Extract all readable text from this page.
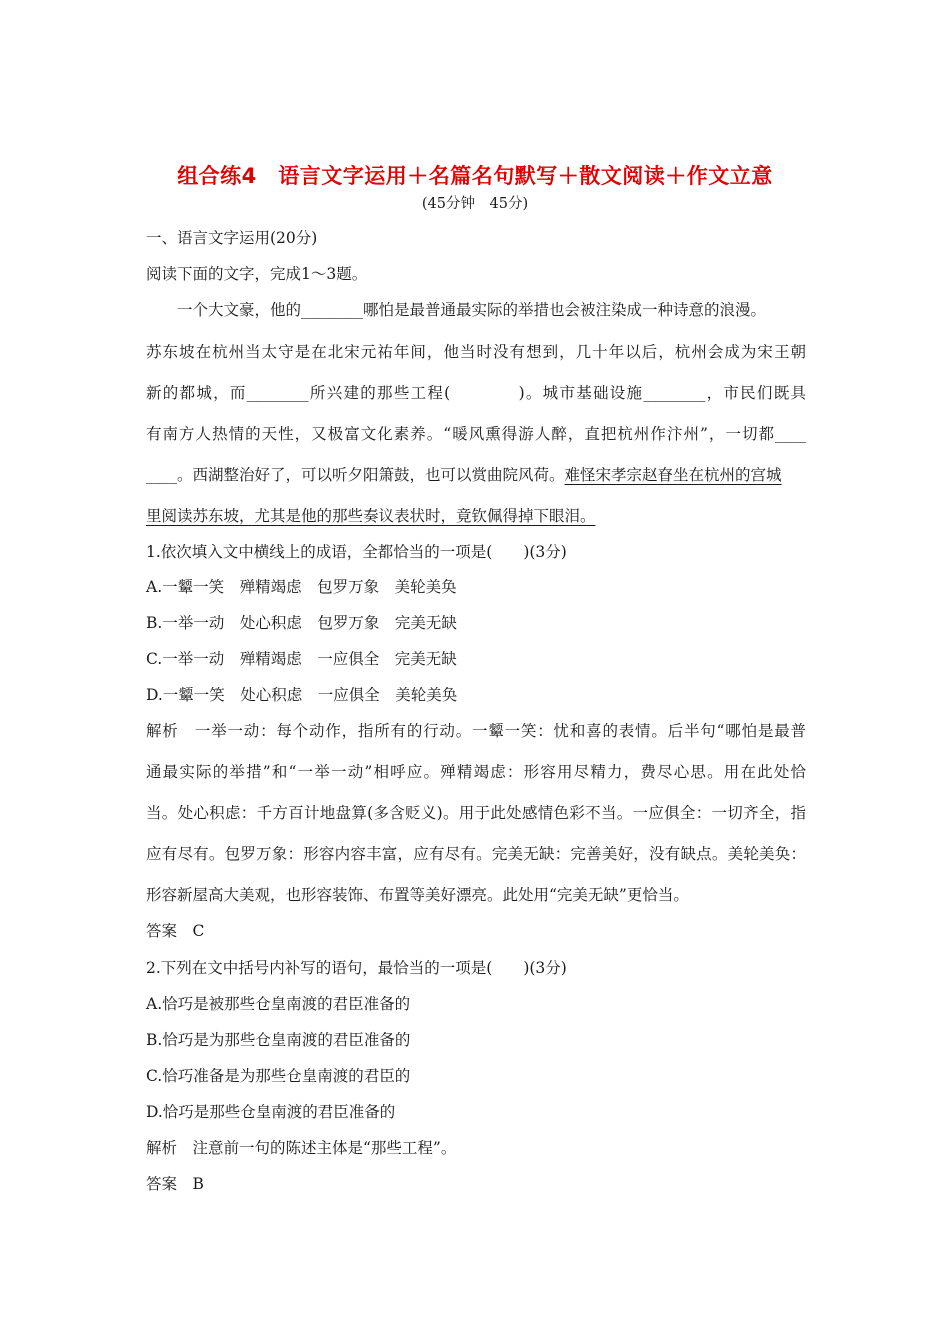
组合练4　语言文字运用＋名篇名句默写＋散文阅读＋作文立意
(45分钟　45分)
一、语言文字运用(20分)
阅读下面的文字，完成1～3题。
一个大文豪，他的________哪怕是最普通最实际的举措也会被注染成一种诗意的浪漫。
苏东坡在杭州当太守是在北宋元祐年间，他当时没有想到，几十年以后，杭州会成为宋王朝
新的都城，而________所兴建的那些工程(　　　　)。城市基础设施________，市民们既具
有南方人热情的天性，又极富文化素养。“暖风熏得游人醉，直把杭州作汴州”，一切都____
____。西湖整治好了，可以听夕阳箫鼓，也可以赏曲院风荷。难怪宋孝宗赵眘坐在杭州的宫城
里阅读苏东坡，尤其是他的那些奏议表状时，竟钦佩得掉下眼泪。
1.依次填入文中横线上的成语，全都恰当的一项是(　　)(3分)
A.一颦一笑　殚精竭虑　包罗万象　美轮美奂
B.一举一动　处心积虑　包罗万象　完美无缺
C.一举一动　殚精竭虑　一应俱全　完美无缺
D.一颦一笑　处心积虑　一应俱全　美轮美奂
解析　一举一动：每个动作，指所有的行动。一颦一笑：忧和喜的表情。后半句“哪怕是最普
通最实际的举措”和“一举一动”相呼应。殚精竭虑：形容用尽精力，费尽心思。用在此处恰
当。处心积虑：千方百计地盘算(多含贬义)。用于此处感情色彩不当。一应俱全：一切齐全，指
应有尽有。包罗万象：形容内容丰富，应有尽有。完美无缺：完善美好，没有缺点。美轮美奂：
形容新屋高大美观，也形容装饰、布置等美好漂亮。此处用“完美无缺”更恰当。
答案　C
2.下列在文中括号内补写的语句，最恰当的一项是(　　)(3分)
A.恰巧是被那些仓皇南渡的君臣准备的
B.恰巧是为那些仓皇南渡的君臣准备的
C.恰巧准备是为那些仓皇南渡的君臣的
D.恰巧是那些仓皇南渡的君臣准备的
解析　注意前一句的陈述主体是“那些工程”。
答案　B
